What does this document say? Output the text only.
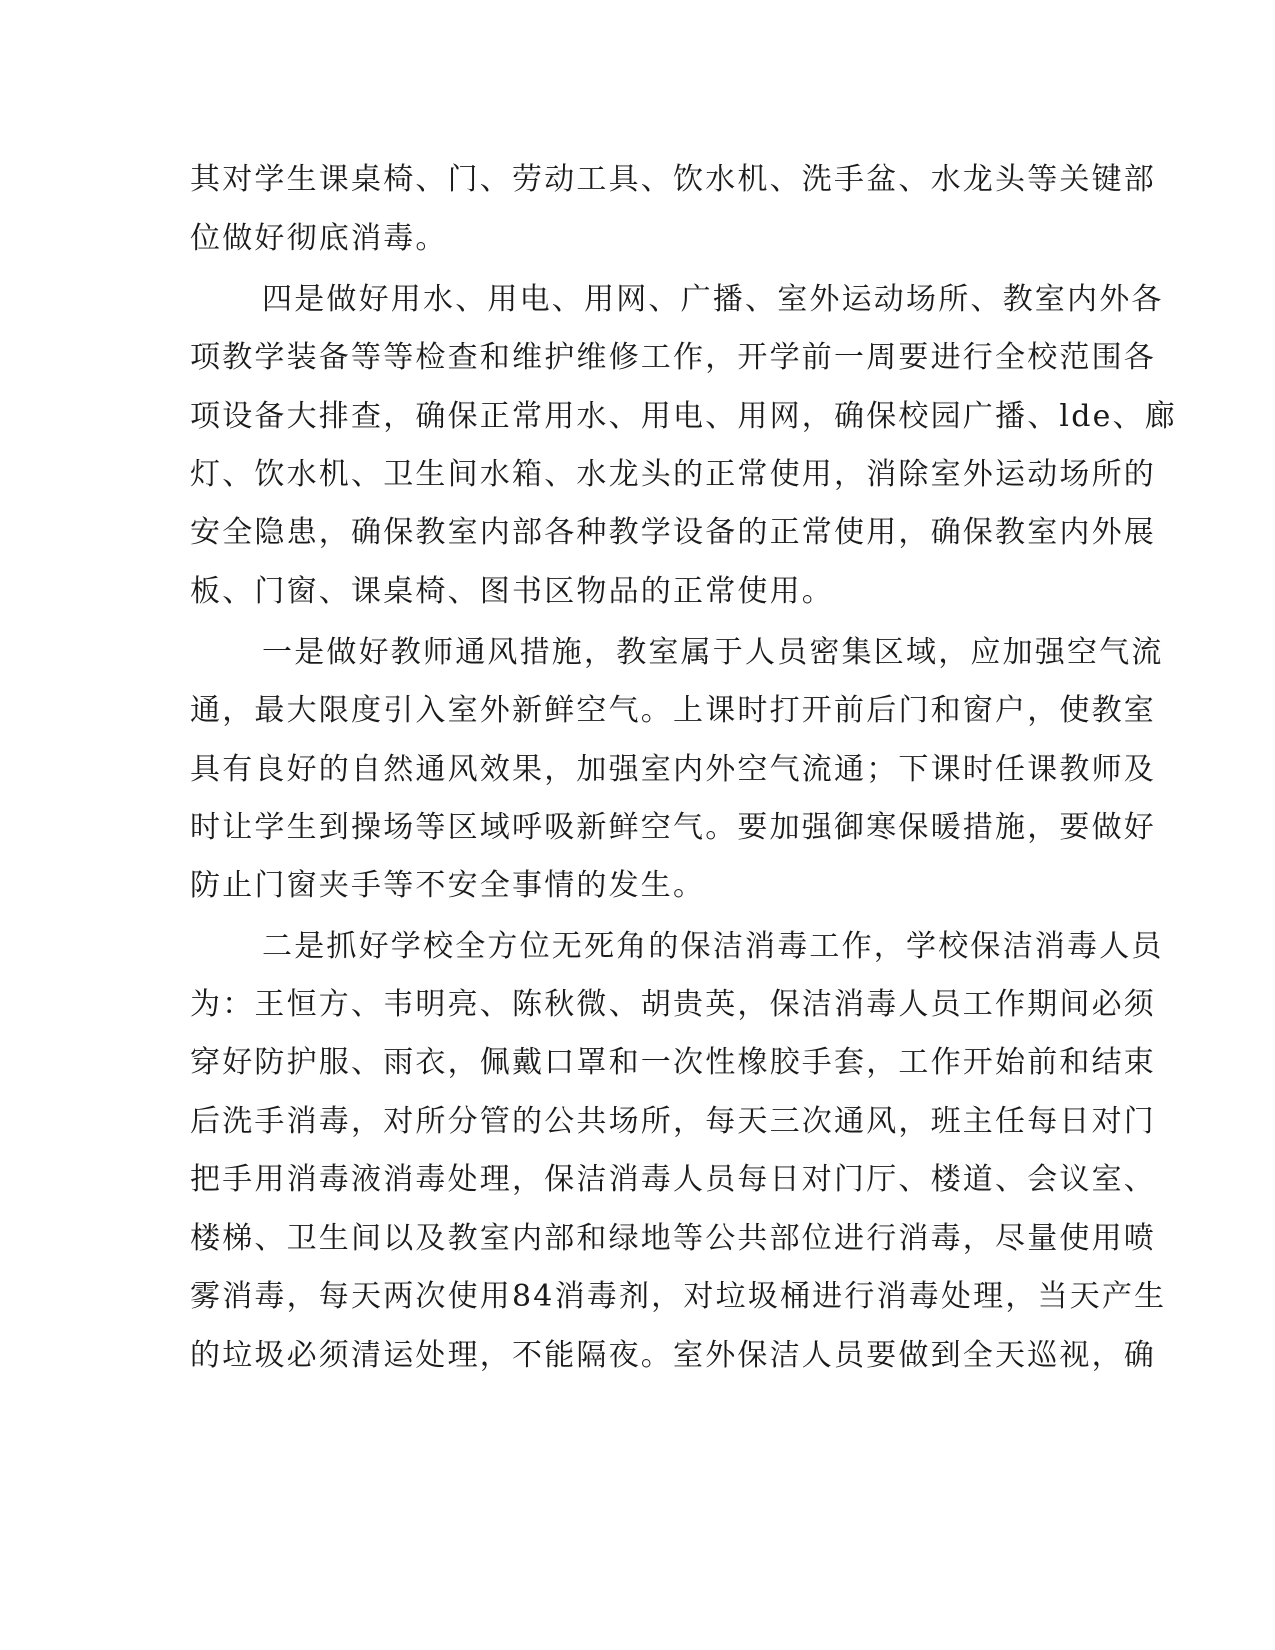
其对学生课桌椅、门、劳动工具、饮水机、洗手盆、水龙头等关键部

位做好彻底消毒。

四是做好用水、用电、用网、广播、室外运动场所、教室内外各

项教学装备等等检查和维护维修工作，开学前一周要进行全校范围各

项设备大排查，确保正常用水、用电、用网，确保校园广播、lde、廊

灯、饮水机、卫生间水箱、水龙头的正常使用，消除室外运动场所的

安全隐患，确保教室内部各种教学设备的正常使用，确保教室内外展

板、门窗、课桌椅、图书区物品的正常使用。

一是做好教师通风措施，教室属于人员密集区域，应加强空气流

通，最大限度引入室外新鲜空气。上课时打开前后门和窗户，使教室

具有良好的自然通风效果，加强室内外空气流通；下课时任课教师及

时让学生到操场等区域呼吸新鲜空气。要加强御寒保暖措施，要做好

防止门窗夹手等不安全事情的发生。

二是抓好学校全方位无死角的保洁消毒工作，学校保洁消毒人员

为：王恒方、韦明亮、陈秋微、胡贵英，保洁消毒人员工作期间必须

穿好防护服、雨衣，佩戴口罩和一次性橡胶手套，工作开始前和结束

后洗手消毒，对所分管的公共场所，每天三次通风，班主任每日对门

把手用消毒液消毒处理，保洁消毒人员每日对门厅、楼道、会议室、

楼梯、卫生间以及教室内部和绿地等公共部位进行消毒，尽量使用喷

雾消毒，每天两次使用84消毒剂，对垃圾桶进行消毒处理，当天产生

的垃圾必须清运处理，不能隔夜。室外保洁人员要做到全天巡视，确
